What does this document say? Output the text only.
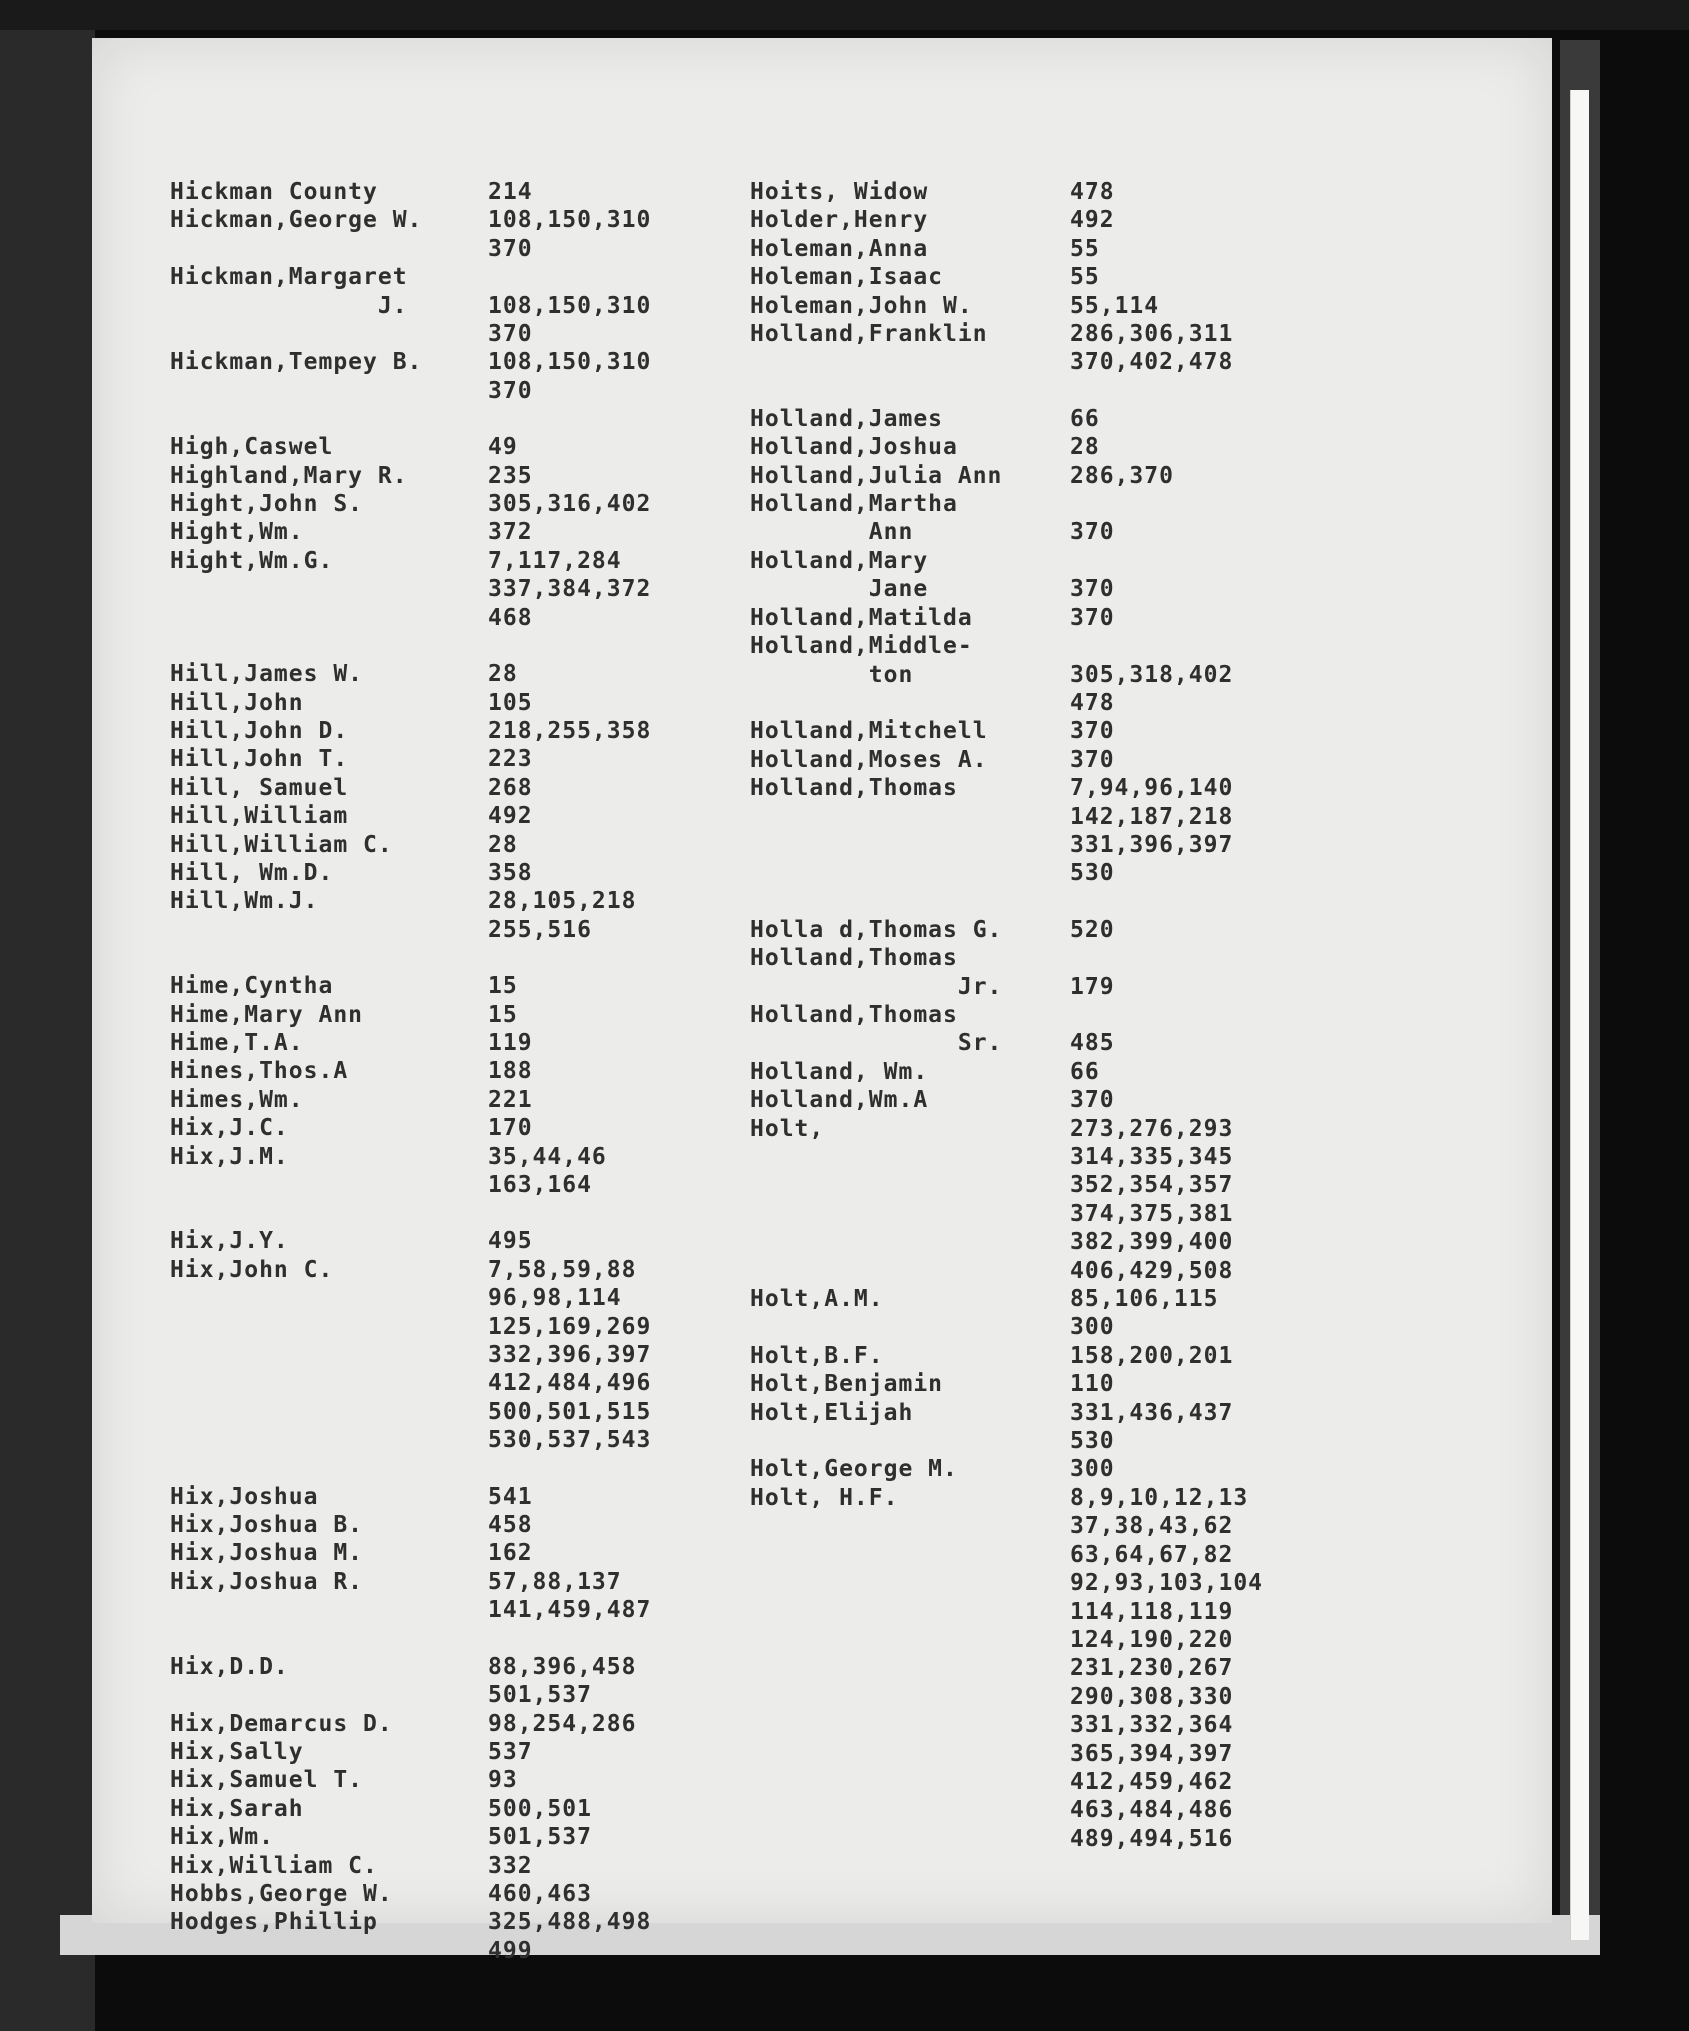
Hickman County	214
Hickman,George W.	108,150,310
370
Hickman,Margaret
J.	108,150,310
370
Hickman,Tempey B.	108,150,310
370
High,Caswel	49
Highland,Mary R.	235
Hight,John S.	305,316,402
Hight,Wm.	372
Hight,Wm.G.	7,117,284
337,384,372
468
Hill,James W.	28
Hill,John	105
Hill,John D.	218,255,358
Hill,John T.	223
Hill, Samuel	268
Hill,William	492
Hill,William C.	28
Hill, Wm.D.	358
Hill,Wm.J.	28,105,218
255,516
Hime,Cyntha	15
Hime,Mary Ann	15
Hime,T.A.	119
Hines,Thos.A	188
Himes,Wm.	221
Hix,J.C.	170
Hix,J.M.	35,44,46
163,164
Hix,J.Y.	495
Hix,John C.	7,58,59,88
96,98,114
125,169,269
332,396,397
412,484,496
500,501,515
530,537,543
Hix,Joshua	541
Hix,Joshua B.	458
Hix,Joshua M.	162
Hix,Joshua R.	57,88,137
141,459,487
Hix,D.D.	88,396,458
501,537
Hix,Demarcus D.	98,254,286
Hix,Sally	537
Hix,Samuel T.	93
Hix,Sarah	500,501
Hix,Wm.	501,537
Hix,William C.	332
Hobbs,George W.	460,463
Hodges,Phillip	325,488,498
499
Hoits, Widow	478
Holder,Henry	492
Holeman,Anna	55
Holeman,Isaac	55
Holeman,John W.	55,114
Holland,Franklin	286,306,311
370,402,478
Holland,James	66
Holland,Joshua	28
Holland,Julia Ann	286,370
Holland,Martha
Ann	370
Holland,Mary
Jane	370
Holland,Matilda	370
Holland,Middle-
ton	305,318,402
478
Holland,Mitchell	370
Holland,Moses A.	370
Holland,Thomas	7,94,96,140
142,187,218
331,396,397
530
Holla d,Thomas G.	520
Holland,Thomas
Jr.	179
Holland,Thomas
Sr.	485
Holland, Wm.	66
Holland,Wm.A	370
Holt,	273,276,293
314,335,345
352,354,357
374,375,381
382,399,400
406,429,508
Holt,A.M.	85,106,115
300
Holt,B.F.	158,200,201
Holt,Benjamin	110
Holt,Elijah	331,436,437
530
Holt,George M.	300
Holt, H.F.	8,9,10,12,13
37,38,43,62
63,64,67,82
92,93,103,104
114,118,119
124,190,220
231,230,267
290,308,330
331,332,364
365,394,397
412,459,462
463,484,486
489,494,516
